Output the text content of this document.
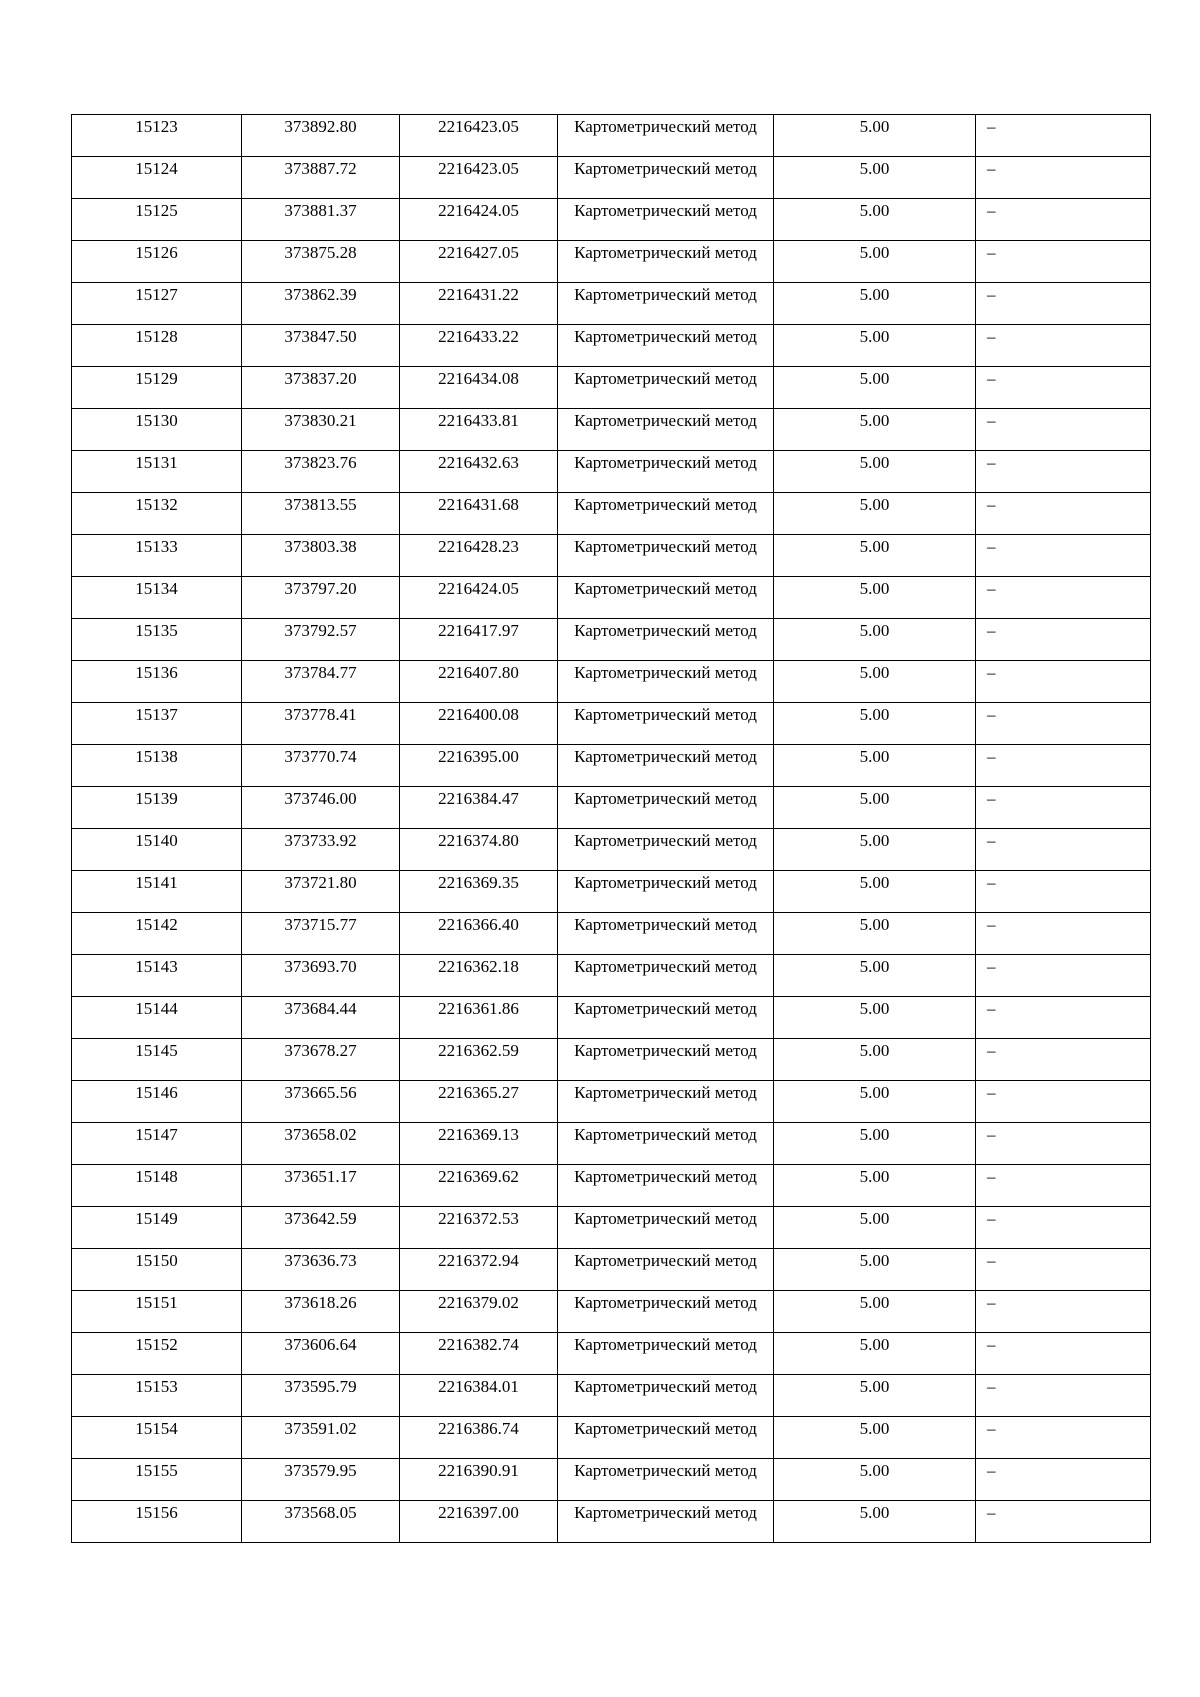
15123	373892.80	2216423.05	Картометрический метод	5.00	–

15124	373887.72	2216423.05	Картометрический метод	5.00	–

15125	373881.37	2216424.05	Картометрический метод	5.00	–

15126	373875.28	2216427.05	Картометрический метод	5.00	–

15127	373862.39	2216431.22	Картометрический метод	5.00	–

15128	373847.50	2216433.22	Картометрический метод	5.00	–

15129	373837.20	2216434.08	Картометрический метод	5.00	–

15130	373830.21	2216433.81	Картометрический метод	5.00	–

15131	373823.76	2216432.63	Картометрический метод	5.00	–

15132	373813.55	2216431.68	Картометрический метод	5.00	–

15133	373803.38	2216428.23	Картометрический метод	5.00	–

15134	373797.20	2216424.05	Картометрический метод	5.00	–

15135	373792.57	2216417.97	Картометрический метод	5.00	–

15136	373784.77	2216407.80	Картометрический метод	5.00	–

15137	373778.41	2216400.08	Картометрический метод	5.00	–

15138	373770.74	2216395.00	Картометрический метод	5.00	–

15139	373746.00	2216384.47	Картометрический метод	5.00	–

15140	373733.92	2216374.80	Картометрический метод	5.00	–

15141	373721.80	2216369.35	Картометрический метод	5.00	–

15142	373715.77	2216366.40	Картометрический метод	5.00	–

15143	373693.70	2216362.18	Картометрический метод	5.00	–

15144	373684.44	2216361.86	Картометрический метод	5.00	–

15145	373678.27	2216362.59	Картометрический метод	5.00	–

15146	373665.56	2216365.27	Картометрический метод	5.00	–

15147	373658.02	2216369.13	Картометрический метод	5.00	–

15148	373651.17	2216369.62	Картометрический метод	5.00	–

15149	373642.59	2216372.53	Картометрический метод	5.00	–

15150	373636.73	2216372.94	Картометрический метод	5.00	–

15151	373618.26	2216379.02	Картометрический метод	5.00	–

15152	373606.64	2216382.74	Картометрический метод	5.00	–

15153	373595.79	2216384.01	Картометрический метод	5.00	–

15154	373591.02	2216386.74	Картометрический метод	5.00	–

15155	373579.95	2216390.91	Картометрический метод	5.00	–

15156	373568.05	2216397.00	Картометрический метод	5.00	–
